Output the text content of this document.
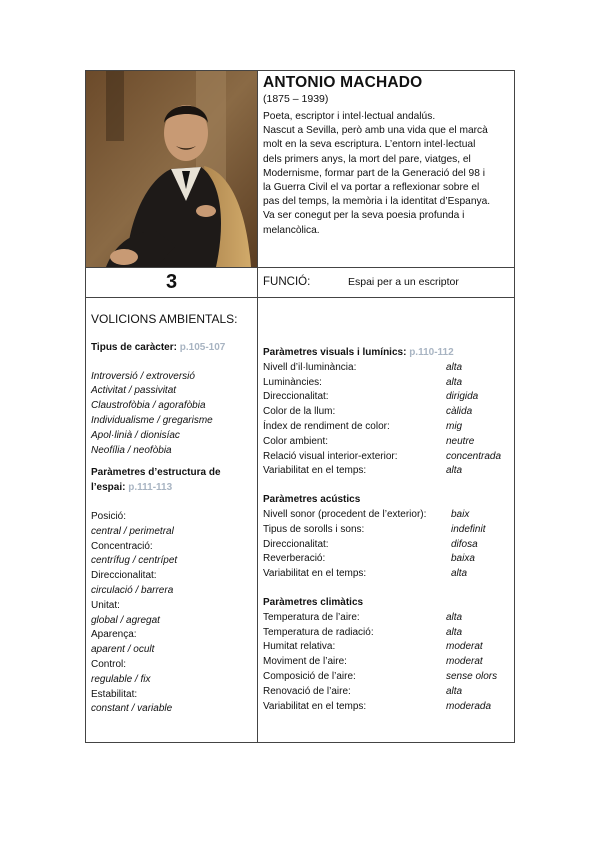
ANTONIO MACHADO
(1875 – 1939)
Poeta, escriptor i intel·lectual andalús.
Nascut a Sevilla, però amb una vida que el marcà
molt en la seva escriptura. L’entorn intel·lectual
dels primers anys, la mort del pare, viatges, el
Modernisme, formar part de la Generació del 98 i
la Guerra Civil el va portar a reflexionar sobre el
pas del temps, la memòria i la identitat d’Espanya.
Va ser conegut per la seva poesia profunda i
melancòlica.
3	FUNCIÓ:	Espai per a un escriptor
VOLICIONS AMBIENTALS:
Tipus de caràcter: p.105-107
Introversió / extroversió
Activitat / passivitat
Claustrofòbia / agorafòbia
Individualisme / gregarisme
Apol·linià / dionisíac
Neofília / neofòbia
Paràmetres d’estructura de
l’espai: p.111-113
Posició:
central / perimetral
Concentració:
centrífug / centrípet
Direccionalitat:
circulació / barrera
Unitat:
global / agregat
Aparença:
aparent / ocult
Control:
regulable / fix
Estabilitat:
constant / variable
Paràmetres visuals i lumínics: p.110-112
Nivell d’il·luminància:	alta
Luminàncies:	alta
Direccionalitat:	dirigida
Color de la llum:	càlida
Índex de rendiment de color:	mig
Color ambient:	neutre
Relació visual interior-exterior:	concentrada
Variabilitat en el temps:	alta
Paràmetres acústics
Nivell sonor (procedent de l’exterior): baix
Tipus de sorolls i sons:	indefinit
Direccionalitat:	difosa
Reverberació:	baixa
Variabilitat en el temps:	alta
Paràmetres climàtics
Temperatura de l’aire:	alta
Temperatura de radiació:	alta
Humitat relativa:	moderat
Moviment de l’aire:	moderat
Composició de l’aire:	sense olors
Renovació de l’aire:	alta
Variabilitat en el temps:	moderada
